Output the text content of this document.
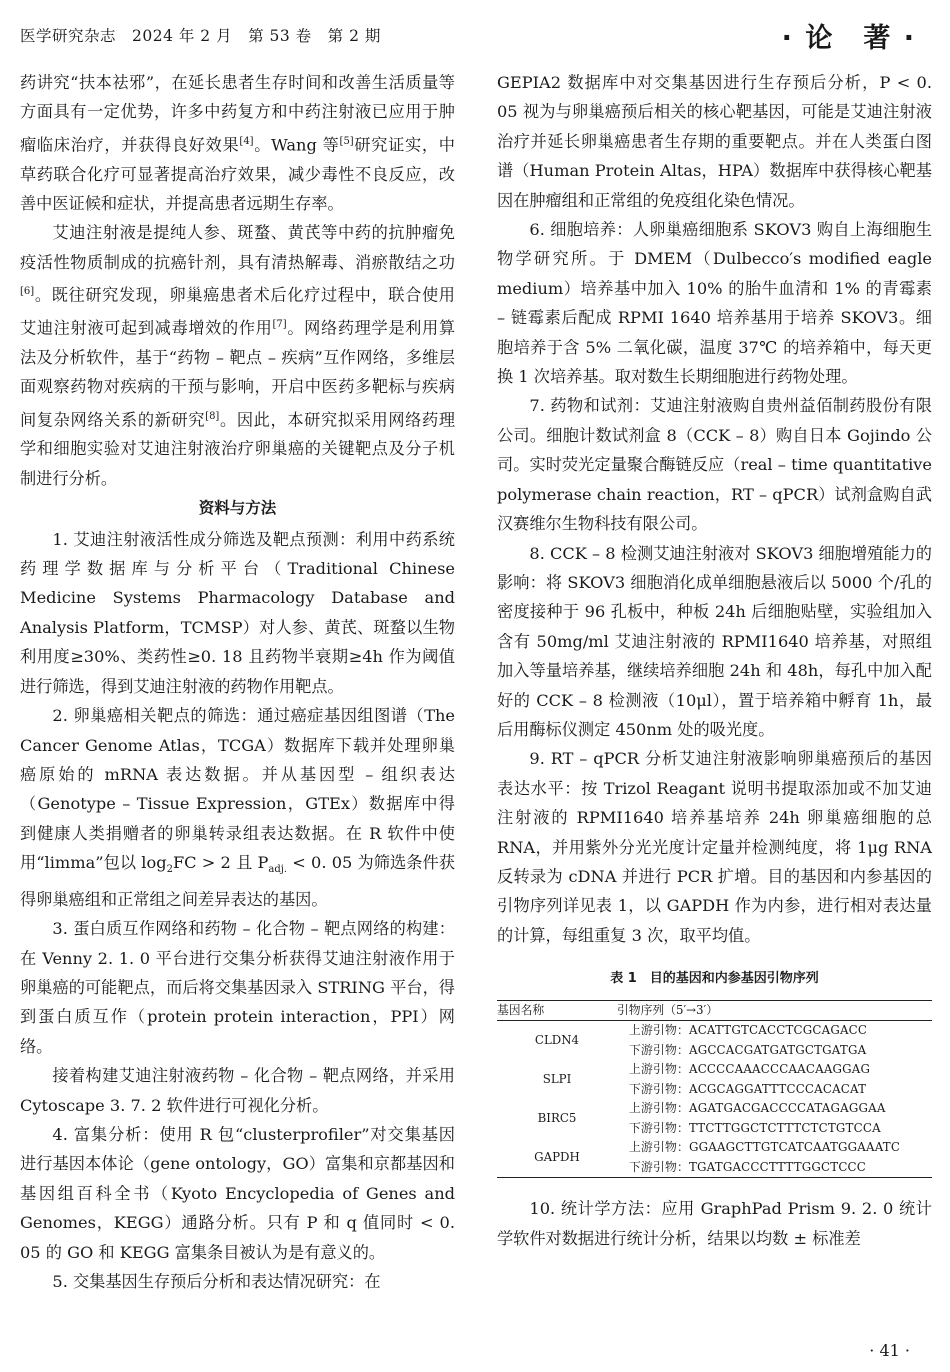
医学研究杂志　2024 年 2 月　第 53 卷　第 2 期	· 论　著 ·

药讲究“扶本祛邪”，在延长患者生存时间和改善生活质量等方面具有一定优势，许多中药复方和中药注射液已应用于肿瘤临床治疗，并获得良好效果[4]。Wang 等[5]研究证实，中草药联合化疗可显著提高治疗效果，减少毒性不良反应，改善中医证候和症状，并提高患者远期生存率。

艾迪注射液是提纯人参、斑蝥、黄芪等中药的抗肿瘤免疫活性物质制成的抗癌针剂，具有清热解毒、消瘀散结之功[6]。既往研究发现，卵巢癌患者术后化疗过程中，联合使用艾迪注射液可起到减毒增效的作用[7]。网络药理学是利用算法及分析软件，基于“药物 – 靶点 – 疾病”互作网络，多维层面观察药物对疾病的干预与影响，开启中医药多靶标与疾病间复杂网络关系的新研究[8]。因此，本研究拟采用网络药理学和细胞实验对艾迪注射液治疗卵巢癌的关键靶点及分子机制进行分析。

资料与方法

1. 艾迪注射液活性成分筛选及靶点预测：利用中药系统药理学数据库与分析平台（Traditional Chinese Medicine Systems Pharmacology Database and Analysis Platform，TCMSP）对人参、黄芪、斑蝥以生物利用度≥30%、类药性≥0. 18 且药物半衰期≥4h 作为阈值进行筛选，得到艾迪注射液的药物作用靶点。

2. 卵巢癌相关靶点的筛选：通过癌症基因组图谱（The Cancer Genome Atlas，TCGA）数据库下载并处理卵巢癌原始的 mRNA 表达数据。并从基因型 – 组织表达（Genotype – Tissue Expression，GTEx）数据库中得到健康人类捐赠者的卵巢转录组表达数据。在 R 软件中使用“limma”包以 $\log_2FC > 2$ 且 $P_{adj.} < 0$. 05 为筛选条件获得卵巢癌组和正常组之间差异表达的基因。

3. 蛋白质互作网络和药物 – 化合物 – 靶点网络的构建：在 Venny 2. 1. 0 平台进行交集分析获得艾迪注射液作用于卵巢癌的可能靶点，而后将交集基因录入 STRING 平台，得到蛋白质互作（protein protein interaction，PPI）网络。

接着构建艾迪注射液药物 – 化合物 – 靶点网络，并采用 Cytoscape 3. 7. 2 软件进行可视化分析。

4. 富集分析：使用 R 包“clusterprofiler”对交集基因进行基因本体论（gene ontology，GO）富集和京都基因和基因组百科全书（Kyoto Encyclopedia of Genes and Genomes，KEGG）通路分析。只有 P 和 q 值同时 < 0. 05 的 GO 和 KEGG 富集条目被认为是有意义的。

5. 交集基因生存预后分析和表达情况研究：在

GEPIA2 数据库中对交集基因进行生存预后分析，P < 0. 05 视为与卵巢癌预后相关的核心靶基因，可能是艾迪注射液治疗并延长卵巢癌患者生存期的重要靶点。并在人类蛋白图谱（Human Protein Altas，HPA）数据库中获得核心靶基因在肿瘤组和正常组的免疫组化染色情况。

6. 细胞培养：人卵巢癌细胞系 SKOV3 购自上海细胞生物学研究所。于 DMEM（Dulbecco′s modified eagle medium）培养基中加入 10% 的胎牛血清和 1% 的青霉素 – 链霉素后配成 RPMI 1640 培养基用于培养 SKOV3。细胞培养于含 5% 二氧化碳，温度 37℃ 的培养箱中，每天更换 1 次培养基。取对数生长期细胞进行药物处理。

7. 药物和试剂：艾迪注射液购自贵州益佰制药股份有限公司。细胞计数试剂盒 8（CCK – 8）购自日本 Gojindo 公司。实时荧光定量聚合酶链反应（real – time quantitative polymerase chain reaction，RT – qPCR）试剂盒购自武汉赛维尔生物科技有限公司。

8. CCK – 8 检测艾迪注射液对 SKOV3 细胞增殖能力的影响：将 SKOV3 细胞消化成单细胞悬液后以 5000 个/孔的密度接种于 96 孔板中，种板 24h 后细胞贴壁，实验组加入含有 50mg/ml 艾迪注射液的 RPMI1640 培养基，对照组加入等量培养基，继续培养细胞 24h 和 48h，每孔中加入配好的 CCK – 8 检测液（10μl），置于培养箱中孵育 1h，最后用酶标仪测定 450nm 处的吸光度。

9. RT – qPCR 分析艾迪注射液影响卵巢癌预后的基因表达水平：按 Trizol Reagant 说明书提取添加或不加艾迪注射液的 RPMI1640 培养基培养 24h 卵巢癌细胞的总 RNA，并用紫外分光光度计定量并检测纯度，将 1μg RNA 反转录为 cDNA 并进行 PCR 扩增。目的基因和内参基因的引物序列详见表 1，以 GAPDH 作为内参，进行相对表达量的计算，每组重复 3 次，取平均值。

表 1　目的基因和内参基因引物序列

基因名称	引物序列（5′→3′）
CLDN4	上游引物：ACATTGTCACCTCGCAGACC
	下游引物：AGCCACGATGATGCTGATGA
SLPI	上游引物：ACCCCAAACCCAACAAGGAG
	下游引物：ACGCAGGATTTCCCACACAT
BIRC5	上游引物：AGATGACGACCCCATAGAGGAA
	下游引物：TTCTTGGCTCTTTCTCTGTCCA
GAPDH	上游引物：GGAAGCTTGTCATCAATGGAAATC
	下游引物：TGATGACCCTTTTGGCTCCC

10. 统计学方法：应用 GraphPad Prism 9. 2. 0 统计学软件对数据进行统计分析，结果以均数 ± 标准差

· 41 ·
